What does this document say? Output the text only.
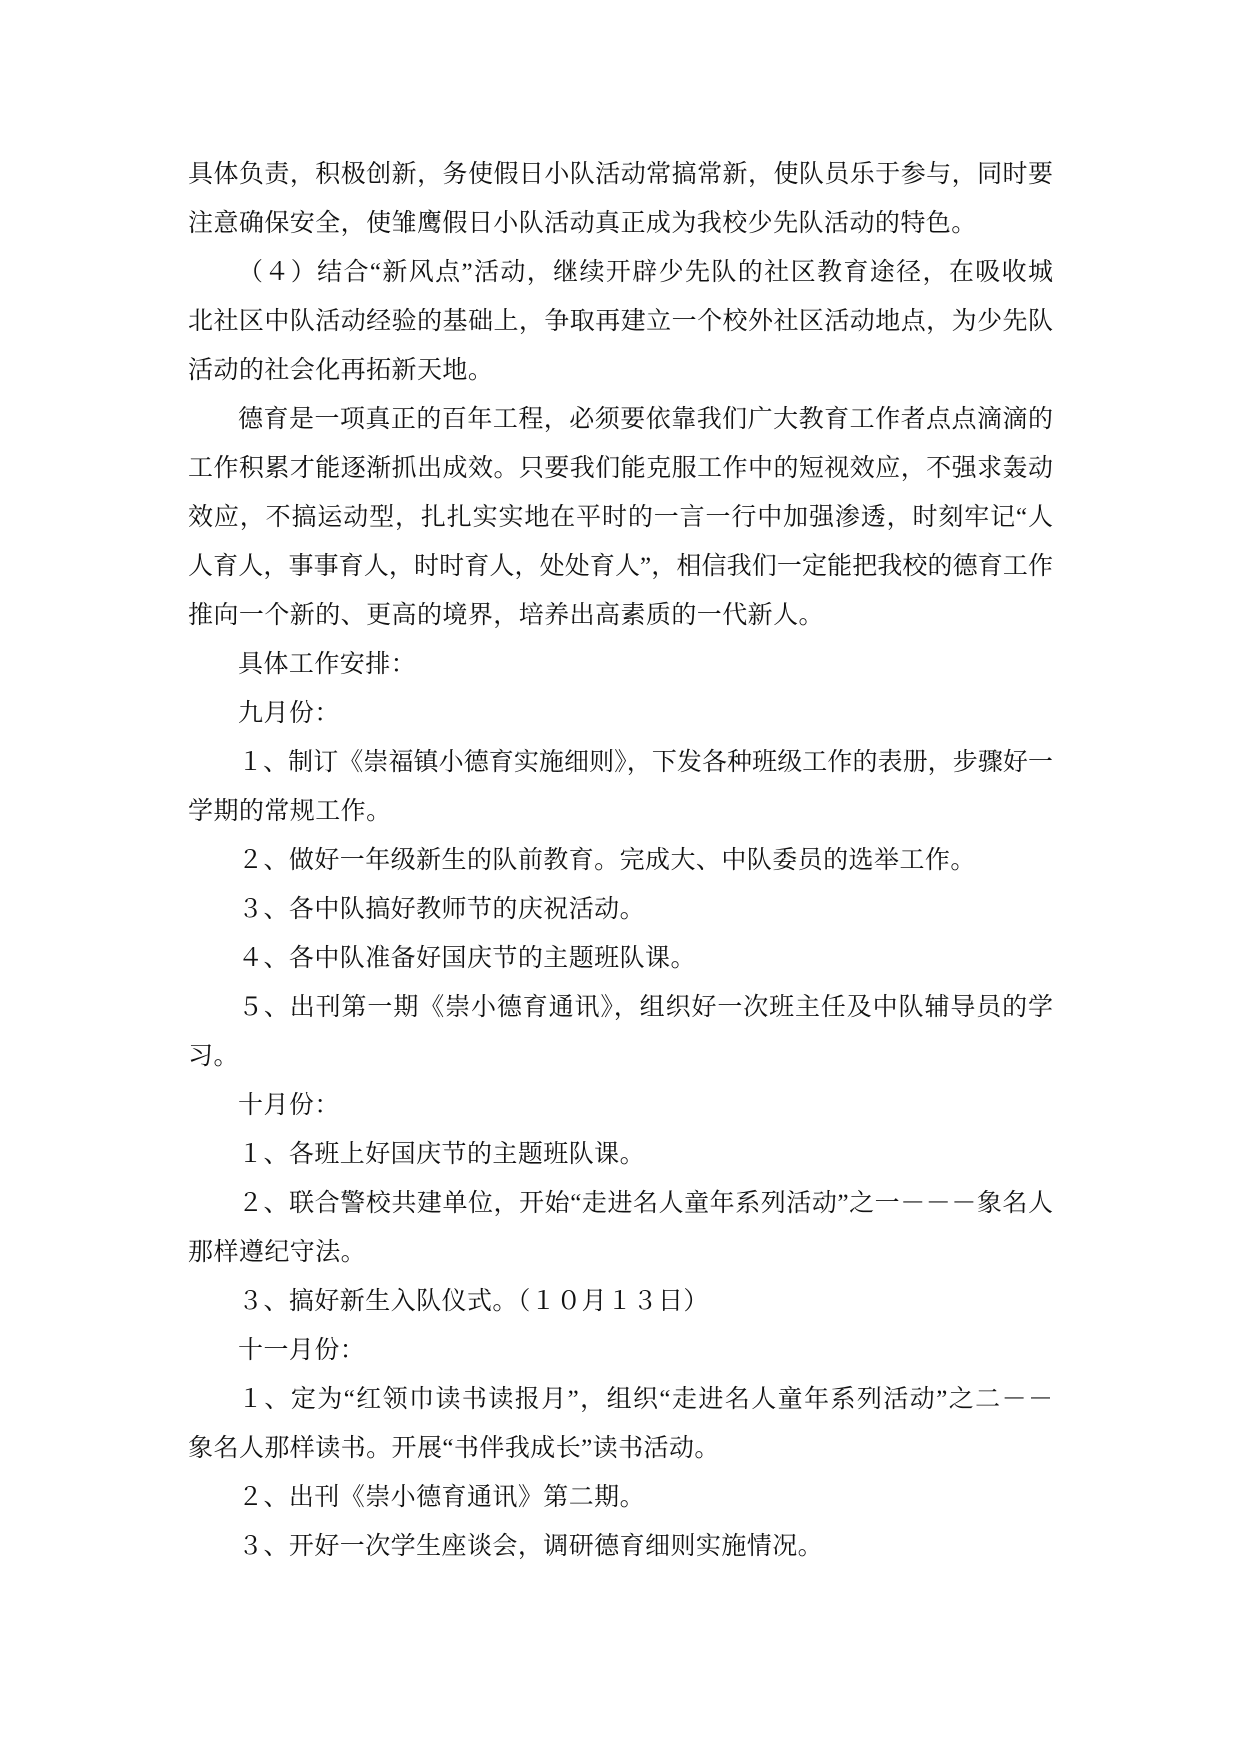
具体负责，积极创新，务使假日小队活动常搞常新，使队员乐于参与，同时要
注意确保安全，使雏鹰假日小队活动真正成为我校少先队活动的特色。
（４）结合“新风点”活动，继续开辟少先队的社区教育途径，在吸收城
北社区中队活动经验的基础上，争取再建立一个校外社区活动地点，为少先队
活动的社会化再拓新天地。
德育是一项真正的百年工程，必须要依靠我们广大教育工作者点点滴滴的
工作积累才能逐渐抓出成效。只要我们能克服工作中的短视效应，不强求轰动
效应，不搞运动型，扎扎实实地在平时的一言一行中加强渗透，时刻牢记“人
人育人，事事育人，时时育人，处处育人”，相信我们一定能把我校的德育工作
推向一个新的、更高的境界，培养出高素质的一代新人。
具体工作安排：
九月份：
１、制订《崇福镇小德育实施细则》，下发各种班级工作的表册，步骤好一
学期的常规工作。
２、做好一年级新生的队前教育。完成大、中队委员的选举工作。
３、各中队搞好教师节的庆祝活动。
４、各中队准备好国庆节的主题班队课。
５、出刊第一期《崇小德育通讯》，组织好一次班主任及中队辅导员的学
习。
十月份：
１、各班上好国庆节的主题班队课。
２、联合警校共建单位，开始“走进名人童年系列活动”之一－－－象名人
那样遵纪守法。
３、搞好新生入队仪式。（１０月１３日）
十一月份：
１、定为“红领巾读书读报月”，组织“走进名人童年系列活动”之二－－
象名人那样读书。开展“书伴我成长”读书活动。
２、出刊《崇小德育通讯》第二期。
３、开好一次学生座谈会，调研德育细则实施情况。
